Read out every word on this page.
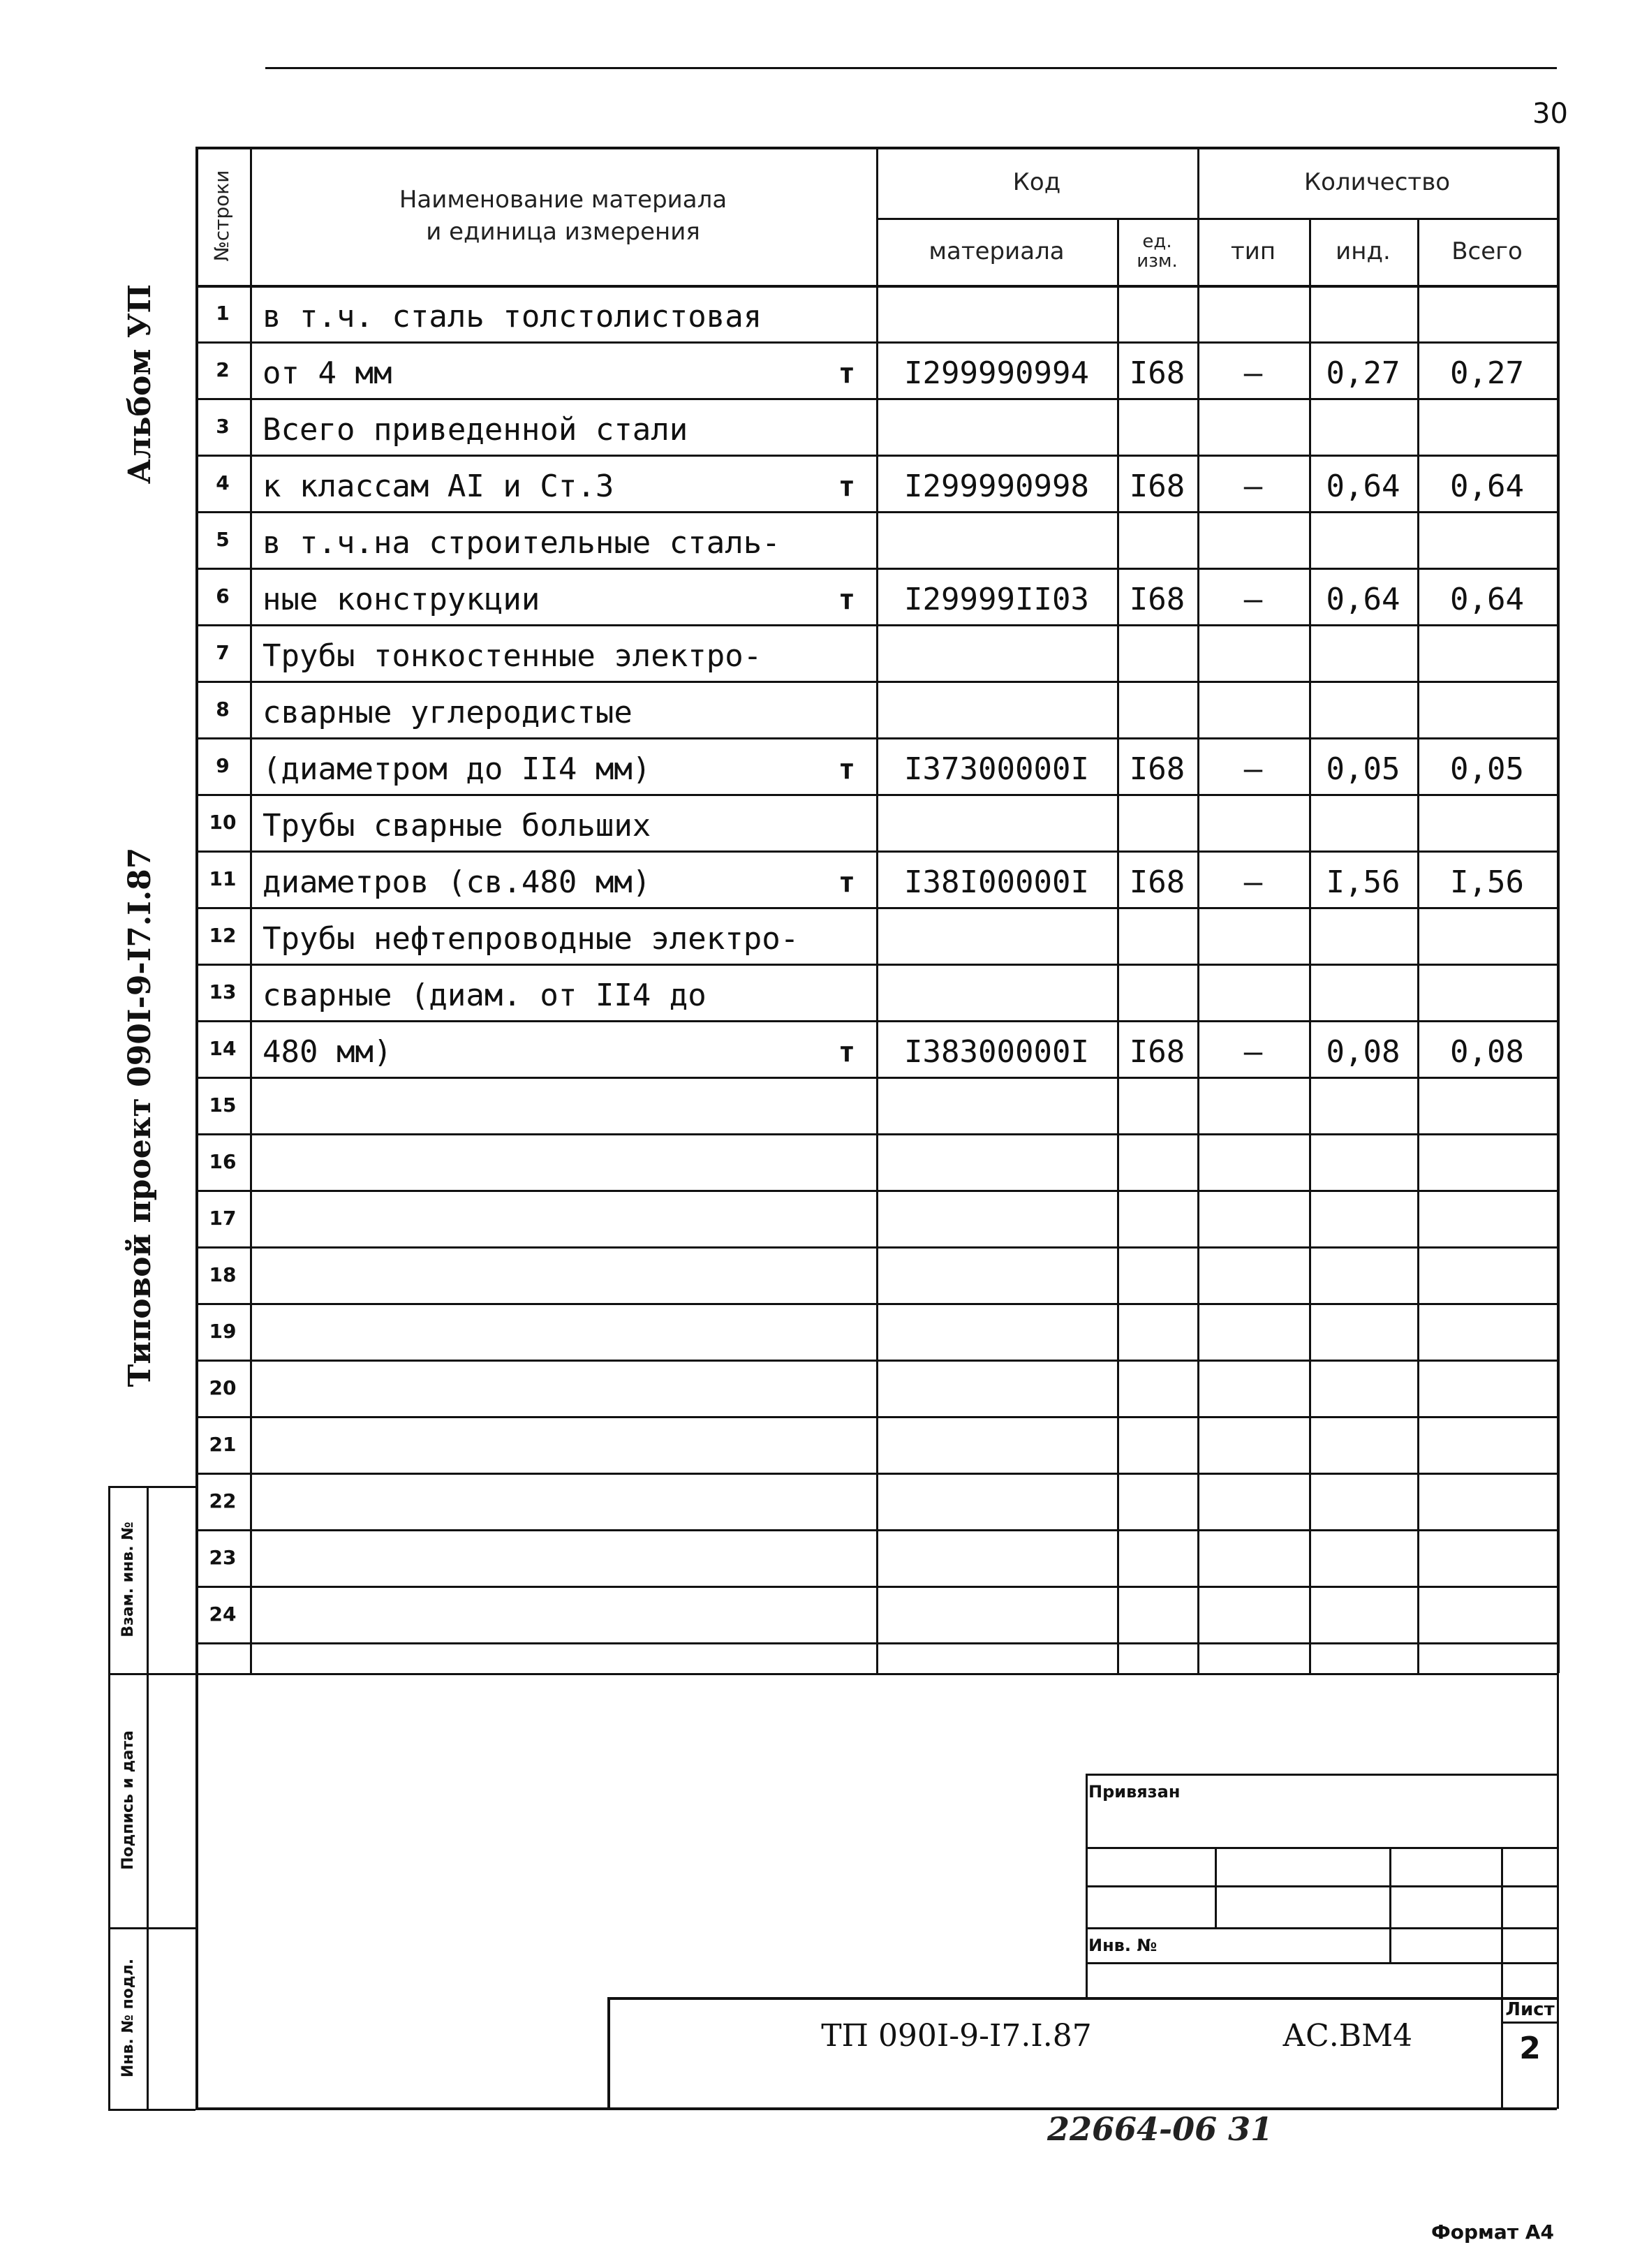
30
Альбом УП
Типовой проект 090I-9-I7.I.87
22664-06 31
Формат А4
№строки	Наименование материала
и единица измерения
Код	Количество
материала	ед. изм.	тип	инд.	Всего
1	в т.ч. сталь толстолистовая
2	от 4 мм	т	I299990994	I68	–	0,27	0,27
3	Всего приведенной стали
4	к классам АI и Ст.3	т	I299990998	I68	–	0,64	0,64
5	в т.ч.на строительные сталь-
6	ные конструкции	т	I29999II03	I68	–	0,64	0,64
7	Трубы тонкостенные электро-
8	сварные углеродистые
9	(диаметром до II4 мм)	т	I37300000I	I68	–	0,05	0,05
10 Трубы сварные больших
11 диаметров (св.480 мм)	т	I38I00000I	I68	–	I,56	I,56
12 Трубы нефтепроводные электро-
13 сварные (диам. от II4 до
14 480 мм)	т	I38300000I	I68	–	0,08	0,08
15
16
17
18
19
20
21
22
23
24
Взам. инв. №
Подпись и дата
Инв. № подл.
Привязан
Инв. №
ТП 090I-9-I7.I.87	АС.ВМ4
Лист
2
